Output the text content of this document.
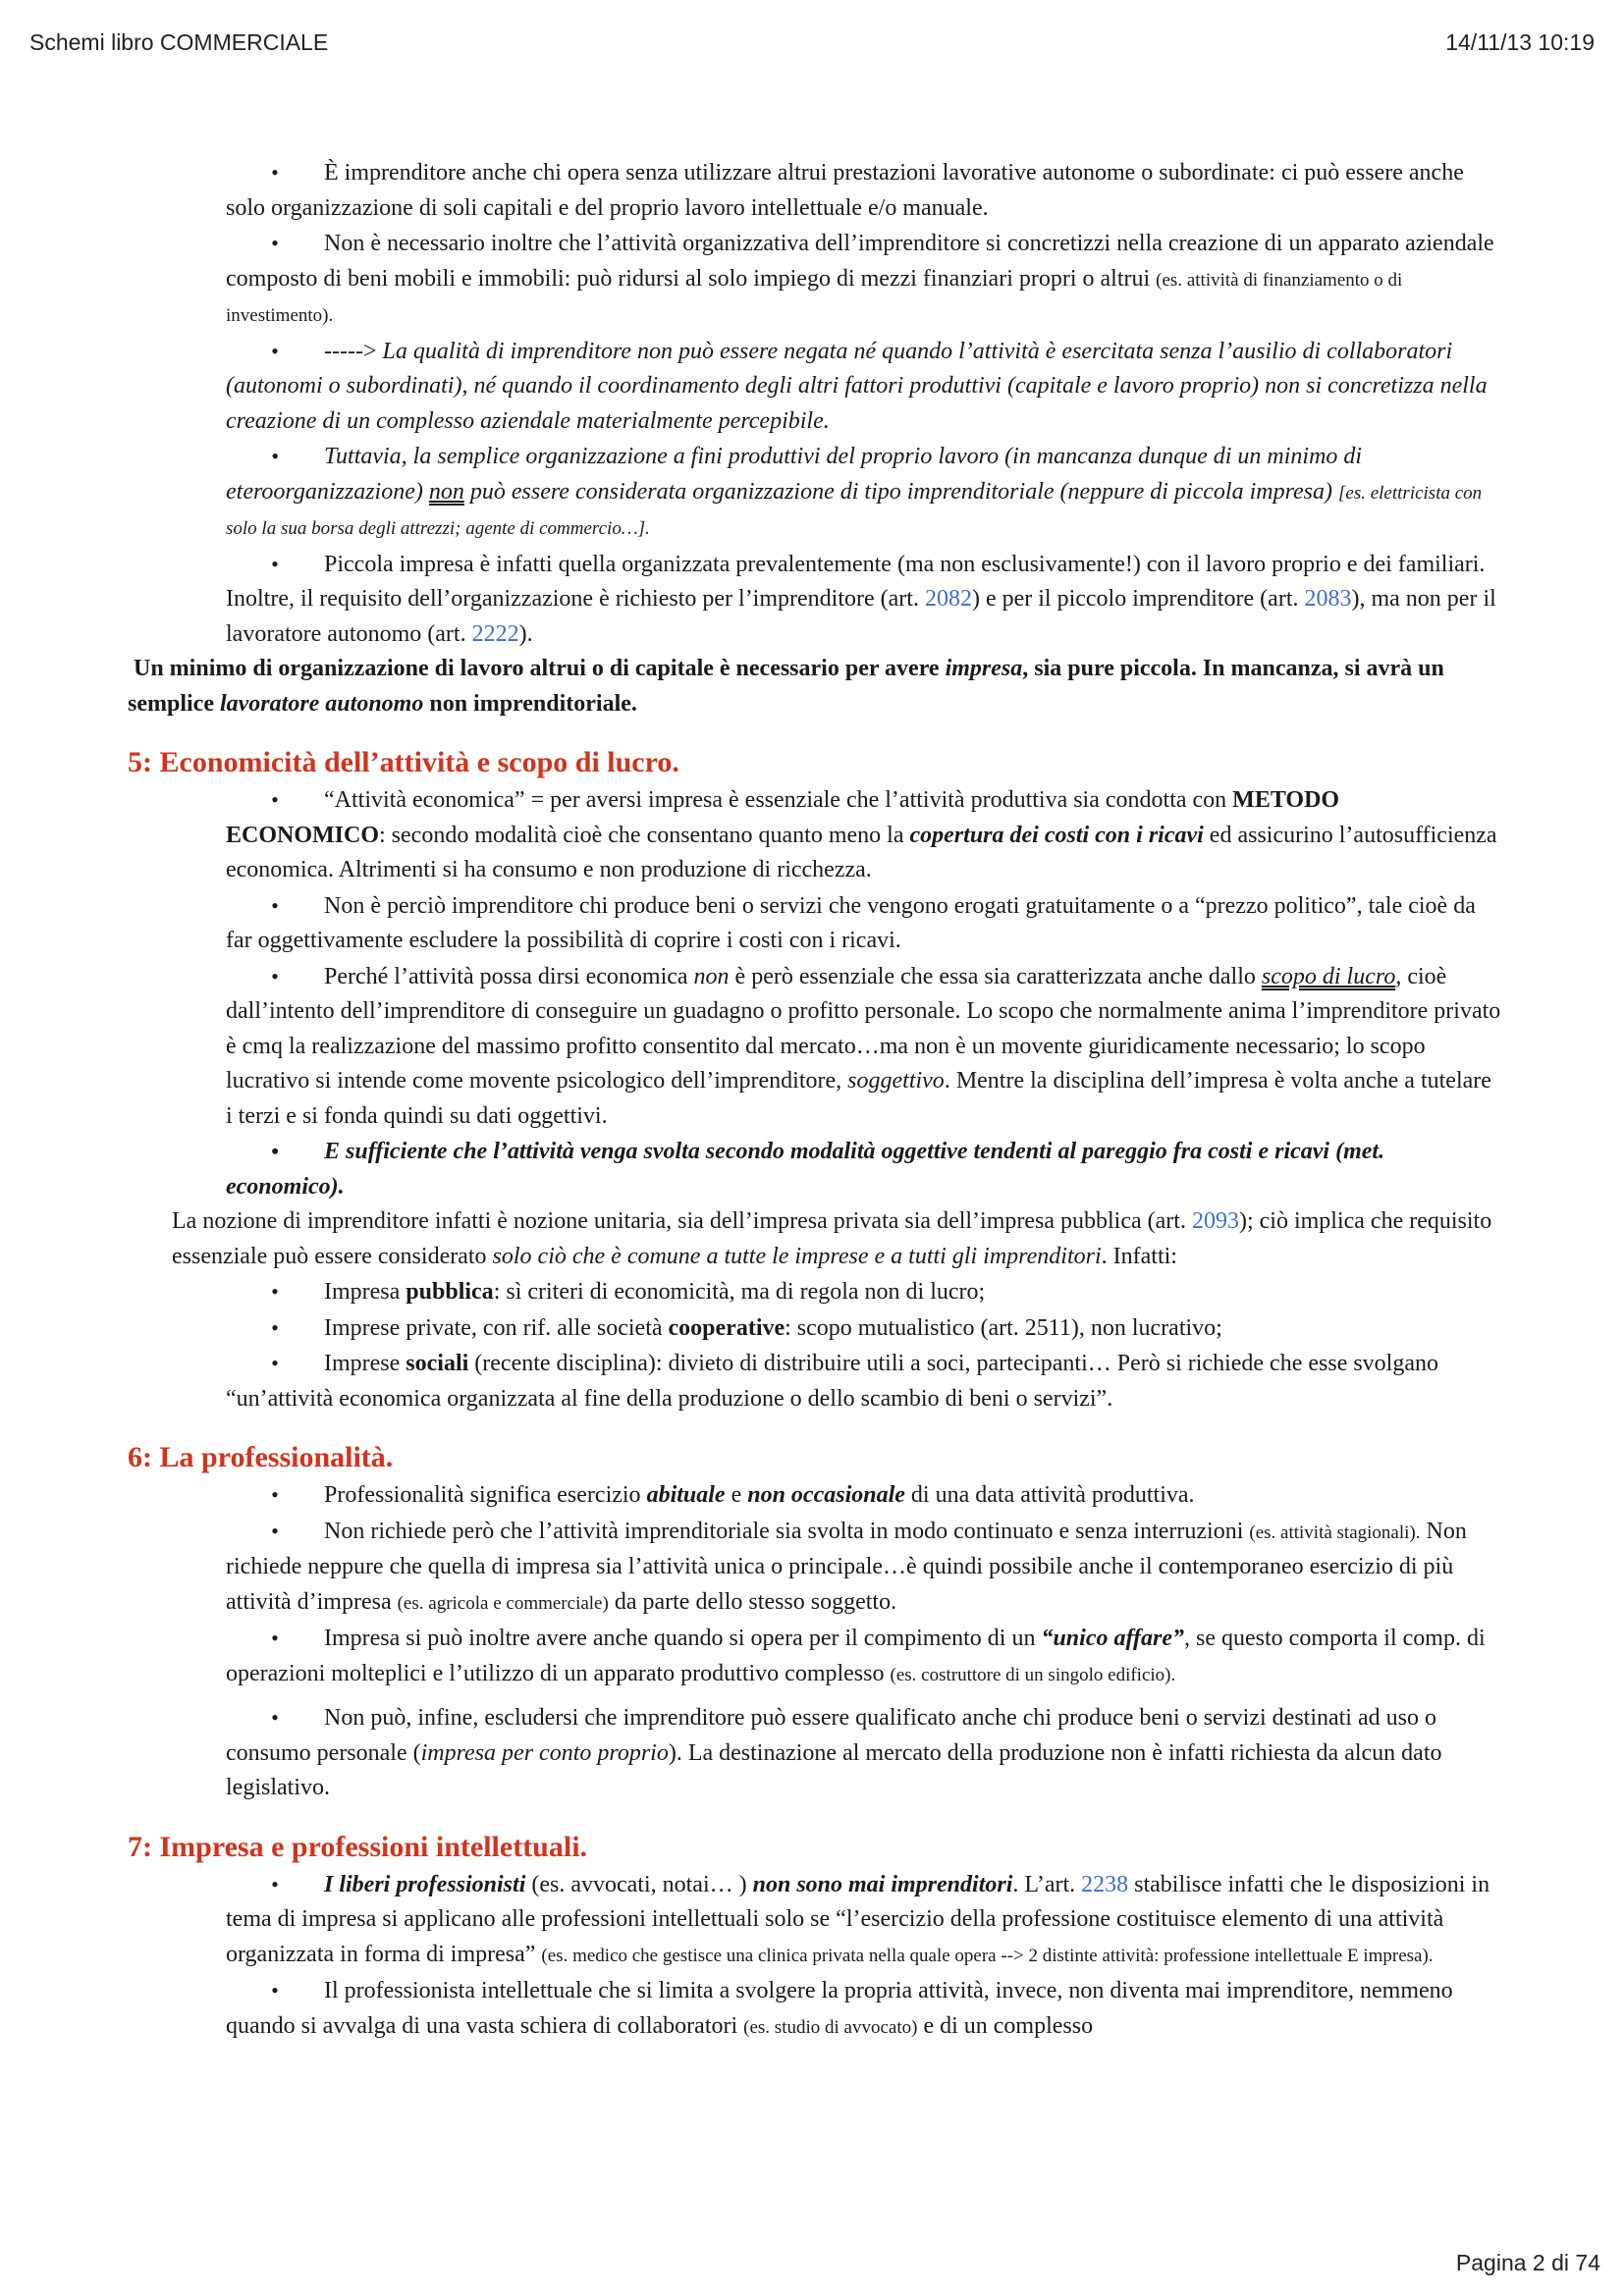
Schemi libro COMMERCIALE	14/11/13 10:19

•È imprenditore anche chi opera senza utilizzare altrui prestazioni lavorative autonome o subordinate: ci può essere anche solo organizzazione di soli capitali e del proprio lavoro intellettuale e/o manuale.

•Non è necessario inoltre che l’attività organizzativa dell’imprenditore si concretizzi nella creazione di un apparato aziendale composto di beni mobili e immobili: può ridursi al solo impiego di mezzi finanziari propri o altrui (es. attività di finanziamento o di investimento).

•-----> La qualità di imprenditore non può essere negata né quando l’attività è esercitata senza l’ausilio di collaboratori (autonomi o subordinati), né quando il coordinamento degli altri fattori produttivi (capitale e lavoro proprio) non si concretizza nella creazione di un complesso aziendale materialmente percepibile.

•Tuttavia, la semplice organizzazione a fini produttivi del proprio lavoro (in mancanza dunque di un minimo di eteroorganizzazione) non può essere considerata organizzazione di tipo imprenditoriale (neppure di piccola impresa) [es. elettricista con solo la sua borsa degli attrezzi; agente di commercio…].

•Piccola impresa è infatti quella organizzata prevalentemente (ma non esclusivamente!) con il lavoro proprio e dei familiari. Inoltre, il requisito dell’organizzazione è richiesto per l’imprenditore (art. 2082) e per il piccolo imprenditore (art. 2083), ma non per il lavoratore autonomo (art. 2222).

Un minimo di organizzazione di lavoro altrui o di capitale è necessario per avere impresa, sia pure piccola. In mancanza, si avrà un semplice lavoratore autonomo non imprenditoriale.

5: Economicità dell’attività e scopo di lucro.

•“Attività economica” = per aversi impresa è essenziale che l’attività produttiva sia condotta con METODO ECONOMICO: secondo modalità cioè che consentano quanto meno la copertura dei costi con i ricavi ed assicurino l’autosufficienza economica. Altrimenti si ha consumo e non produzione di ricchezza.

•Non è perciò imprenditore chi produce beni o servizi che vengono erogati gratuitamente o a “prezzo politico”, tale cioè da far oggettivamente escludere la possibilità di coprire i costi con i ricavi.

•Perché l’attività possa dirsi economica non è però essenziale che essa sia caratterizzata anche dallo scopo di lucro, cioè dall’intento dell’imprenditore di conseguire un guadagno o profitto personale. Lo scopo che normalmente anima l’imprenditore privato è cmq la realizzazione del massimo profitto consentito dal mercato…ma non è un movente giuridicamente necessario; lo scopo lucrativo si intende come movente psicologico dell’imprenditore, soggettivo. Mentre la disciplina dell’impresa è volta anche a tutelare i terzi e si fonda quindi su dati oggettivi.

•E sufficiente che l’attività venga svolta secondo modalità oggettive tendenti al pareggio fra costi e ricavi (met. economico).

La nozione di imprenditore infatti è nozione unitaria, sia dell’impresa privata sia dell’impresa pubblica (art. 2093); ciò implica che requisito essenziale può essere considerato solo ciò che è comune a tutte le imprese e a tutti gli imprenditori. Infatti:

•Impresa pubblica: sì criteri di economicità, ma di regola non di lucro;

•Imprese private, con rif. alle società cooperative: scopo mutualistico (art. 2511), non lucrativo;

•Imprese sociali (recente disciplina): divieto di distribuire utili a soci, partecipanti… Però si richiede che esse svolgano “un’attività economica organizzata al fine della produzione o dello scambio di beni o servizi”.

6: La professionalità.

•Professionalità significa esercizio abituale e non occasionale di una data attività produttiva.

•Non richiede però che l’attività imprenditoriale sia svolta in modo continuato e senza interruzioni (es. attività stagionali). Non richiede neppure che quella di impresa sia l’attività unica o principale…è quindi possibile anche il contemporaneo esercizio di più attività d’impresa (es. agricola e commerciale) da parte dello stesso soggetto.

•Impresa si può inoltre avere anche quando si opera per il compimento di un “unico affare”, se questo comporta il comp. di operazioni molteplici e l’utilizzo di un apparato produttivo complesso (es. costruttore di un singolo edificio).

•Non può, infine, escludersi che imprenditore può essere qualificato anche chi produce beni o servizi destinati ad uso o consumo personale (impresa per conto proprio). La destinazione al mercato della produzione non è infatti richiesta da alcun dato legislativo.

7: Impresa e professioni intellettuali.

•I liberi professionisti (es. avvocati, notai… ) non sono mai imprenditori. L’art. 2238 stabilisce infatti che le disposizioni in tema di impresa si applicano alle professioni intellettuali solo se “l’esercizio della professione costituisce elemento di una attività organizzata in forma di impresa” (es. medico che gestisce una clinica privata nella quale opera --> 2 distinte attività: professione intellettuale E impresa).

•Il professionista intellettuale che si limita a svolgere la propria attività, invece, non diventa mai imprenditore, nemmeno quando si avvalga di una vasta schiera di collaboratori (es. studio di avvocato) e di un complesso

Pagina 2 di 74
